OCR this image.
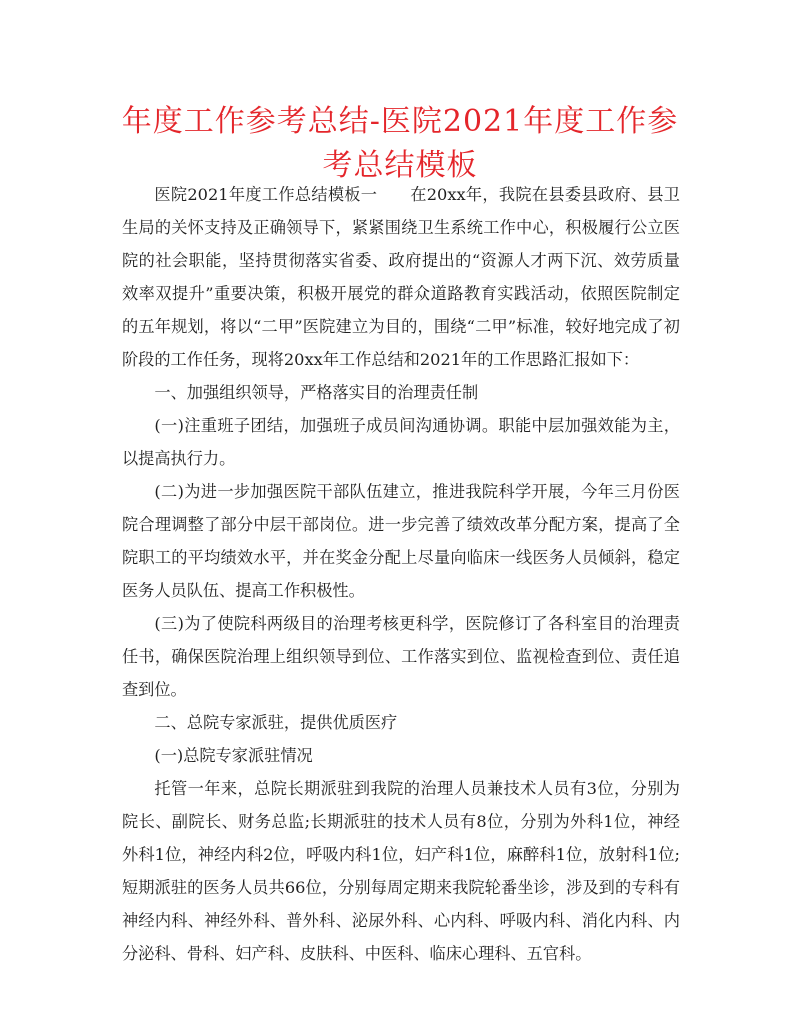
年度工作参考总结-医院2021年度工作参考总结模板

医院2021年度工作总结模板一　　在20xx年，我院在县委县政府、县卫生局的关怀支持及正确领导下，紧紧围绕卫生系统工作中心，积极履行公立医院的社会职能，坚持贯彻落实省委、政府提出的“资源人才两下沉、效劳质量效率双提升”重要决策，积极开展党的群众道路教育实践活动，依照医院制定的五年规划，将以“二甲”医院建立为目的，围绕“二甲”标准，较好地完成了初阶段的工作任务，现将20xx年工作总结和2021年的工作思路汇报如下：

一、加强组织领导，严格落实目的治理责任制

(一)注重班子团结，加强班子成员间沟通协调。职能中层加强效能为主，以提高执行力。

(二)为进一步加强医院干部队伍建立，推进我院科学开展，今年三月份医院合理调整了部分中层干部岗位。进一步完善了绩效改革分配方案，提高了全院职工的平均绩效水平，并在奖金分配上尽量向临床一线医务人员倾斜，稳定医务人员队伍、提高工作积极性。

(三)为了使院科两级目的治理考核更科学，医院修订了各科室目的治理责任书，确保医院治理上组织领导到位、工作落实到位、监视检查到位、责任追查到位。

二、总院专家派驻，提供优质医疗

(一)总院专家派驻情况

托管一年来，总院长期派驻到我院的治理人员兼技术人员有3位，分别为院长、副院长、财务总监;长期派驻的技术人员有8位，分别为外科1位，神经外科1位，神经内科2位，呼吸内科1位，妇产科1位，麻醉科1位，放射科1位;短期派驻的医务人员共66位，分别每周定期来我院轮番坐诊，涉及到的专科有神经内科、神经外科、普外科、泌尿外科、心内科、呼吸内科、消化内科、内分泌科、骨科、妇产科、皮肤科、中医科、临床心理科、五官科。
